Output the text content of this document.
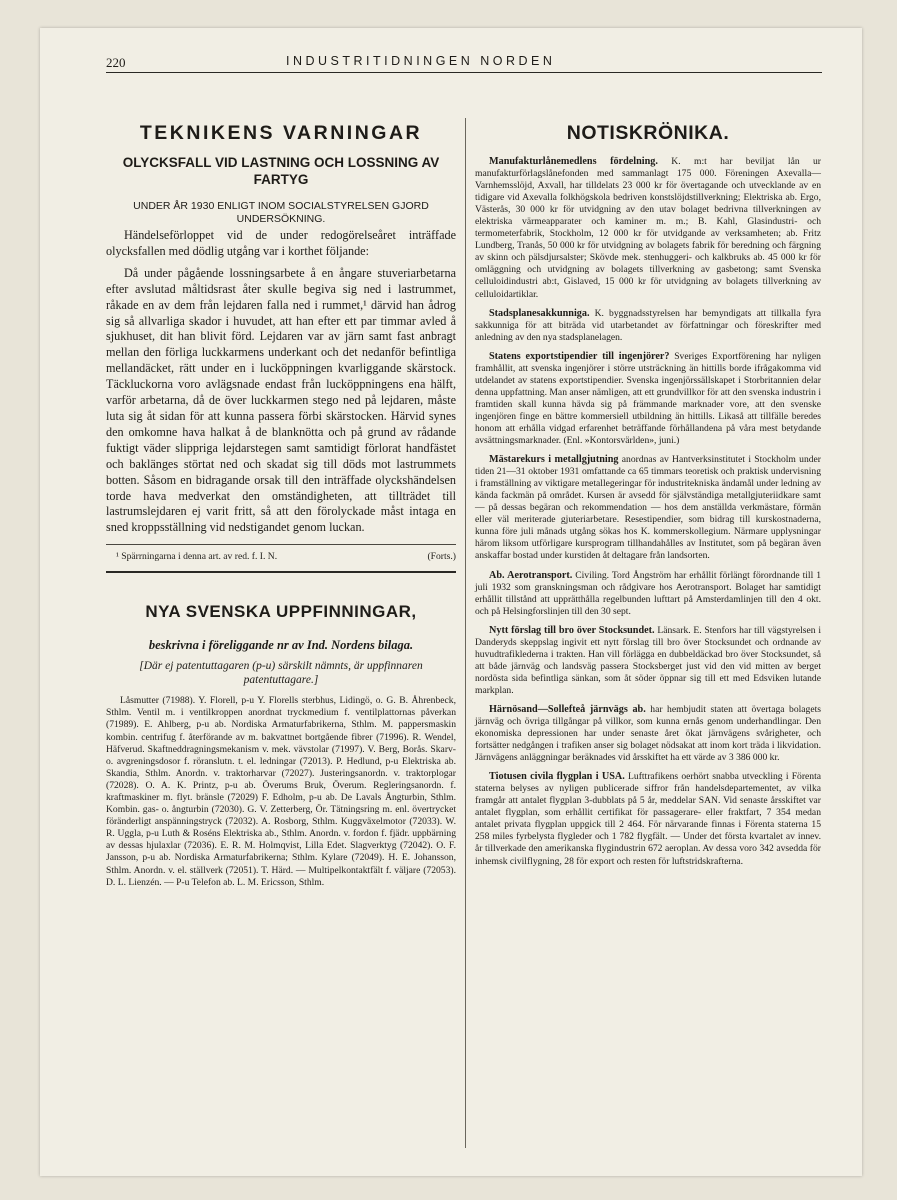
220	INDUSTRITIDNINGEN NORDEN
TEKNIKENS VARNINGAR
OLYCKSFALL VID LASTNING OCH LOSSNING AV FARTYG

UNDER ÅR 1930 ENLIGT INOM SOCIALSTYRELSEN GJORD UNDERSÖKNING.

Händelseförloppet vid de under redogörelseåret inträffade olycksfallen med dödlig utgång var i korthet följande:

Då under pågående lossningsarbete å en ångare stuveriarbetarna efter avslutad måltidsrast åter skulle begiva sig ned i lastrummet, råkade en av dem från lejdaren falla ned i rummet,¹ därvid han ådrog sig så allvarliga skador i huvudet, att han efter ett par timmar avled å sjukhuset, dit han blivit förd. Lejdaren var av järn samt fast anbragt mellan den förliga luckkarmens underkant och det nedanför befintliga mellandäcket, rätt under en i lucköppningen kvarliggande skärstock. Täckluckorna voro avlägsnade endast från lucköppningens ena hälft, varför arbetarna, då de över luckkarmen stego ned på lejdaren, måste luta sig åt sidan för att kunna passera förbi skärstocken. Härvid synes den omkomne hava halkat å de blanknötta och på grund av rådande fuktigt väder slippriga lejdarstegen samt samtidigt förlorat handfästet och baklänges störtat ned och skadat sig till döds mot lastrummets botten. Såsom en bidragande orsak till den inträffade olyckshändelsen torde hava medverkat den omständigheten, att tillträdet till lastrumslejdaren ej varit fritt, så att den förolyckade måst intaga en sned kroppsställning vid nedstigandet genom luckan.

¹ Spärrningarna i denna art. av red. f. I. N.	(Forts.)
NYA SVENSKA UPPFINNINGAR,

beskrivna i föreliggande nr av Ind. Nordens bilaga.

[Där ej patentuttagaren (p-u) särskilt nämnts, är uppfinnaren patentuttagare.]

Låsmutter (71988). Y. Florell, p-u Y. Florells sterbhus, Lidingö, o. G. B. Åhrenbeck, Sthlm. Ventil m. i ventilkroppen anordnat tryckmedium f. ventilplattornas påverkan (71989). E. Ahlberg, p-u ab. Nordiska Armaturfabrikerna, Sthlm. M. pappersmaskin kombin. centrifug f. återförande av m. bakvattnet bortgående fibrer (71996). R. Wendel, Häfverud. Skaftneddragningsmekanism v. mek. vävstolar (71997). V. Berg, Borås. Skarv- o. avgreningsdosor f. röranslutn. t. el. ledningar (72013). P. Hedlund, p-u Elektriska ab. Skandia, Sthlm. Anordn. v. traktorharvar (72027). Justeringsanordn. v. traktorplogar (72028). O. A. K. Printz, p-u ab. Överums Bruk, Överum. Regleringsanordn. f. kraftmaskiner m. flyt. bränsle (72029) F. Edholm, p-u ab. De Lavals Ångturbin, Sthlm. Kombin. gas- o. ångturbin (72030). G. V. Zetterberg, Ör. Tätningsring m. enl. övertrycket föränderligt anspänningstryck (72032). A. Rosborg, Sthlm. Kuggväxelmotor (72033). W. R. Uggla, p-u Luth & Roséns Elektriska ab., Sthlm. Anordn. v. fordon f. fjädr. uppbärning av dessas hjulaxlar (72036). E. R. M. Holmqvist, Lilla Edet. Slagverktyg (72042). O. F. Jansson, p-u ab. Nordiska Armaturfabrikerna; Sthlm. Kylare (72049). H. E. Johansson, Sthlm. Anordn. v. el. ställverk (72051). T. Härd. — Multipelkontaktfält f. väljare (72053). D. L. Lienzén. — P-u Telefon ab. L. M. Ericsson, Sthlm.

NOTISKRÖNIKA.

Manufakturlånemedlens fördelning. K. m:t har beviljat lån ur manufakturförlagslånefonden med sammanlagt 175 000. Föreningen Axevalla—Varnhemsslöjd, Axvall, har tilldelats 23 000 kr för övertagande och utvecklande av en tidigare vid Axevalla folkhögskola bedriven konstslöjdstillverkning; Elektriska ab. Ergo, Västerås, 30 000 kr för utvidgning av den utav bolaget bedrivna tillverkningen av elektriska värmeapparater och kaminer m. m.; B. Kahl, Glasindustri- och termometerfabrik, Stockholm, 12 000 kr för utvidgande av verksamheten; ab. Fritz Lundberg, Tranås, 50 000 kr för utvidgning av bolagets fabrik för beredning och färgning av skinn och pälsdjursalster; Skövde mek. stenhuggeri- och kalkbruks ab. 45 000 kr för omläggning och utvidgning av bolagets tillverkning av gasbetong; samt Svenska celluloidindustri ab:t, Gislaved, 15 000 kr för utvidgning av bolagets tillverkning av celluloidartiklar.

Stadsplanesakkunniga. K. byggnadsstyrelsen har bemyndigats att tillkalla fyra sakkunniga för att biträda vid utarbetandet av författningar och föreskrifter med anledning av den nya stadsplanelagen.

Statens exportstipendier till ingenjörer? Sveriges Exportförening har nyligen framhållit, att svenska ingenjörer i större utsträckning än hittills borde ifrågakomma vid utdelandet av statens exportstipendier. Svenska ingenjörssällskapet i Storbritannien delar denna uppfattning. Man anser nämligen, att ett grundvillkor för att den svenska industrin i framtiden skall kunna hävda sig på främmande marknader vore, att den svenske ingenjören finge en bättre kommersiell utbildning än hittills. Likaså att tillfälle beredes honom att erhålla vidgad erfarenhet beträffande förhållandena på våra mest betydande avsättningsmarknader. (Enl. »Kontorsvärlden», juni.)

Mästarekurs i metallgjutning anordnas av Hantverksinstitutet i Stockholm under tiden 21—31 oktober 1931 omfattande ca 65 timmars teoretisk och praktisk undervisning i framställning av viktigare metallegeringar för industritekniska ändamål under ledning av kända fackmän på området. Kursen är avsedd för självständiga metallgjuteriidkare samt — på dessas begäran och rekommendation — hos dem anställda verkmästare, förmän eller väl meriterade gjuteriarbetare. Resestipendier, som bidrag till kurskostnaderna, kunna före juli månads utgång sökas hos K. kommerskollegium. Närmare upplysningar härom liksom utförligare kursprogram tillhandahålles av Institutet, som på begäran även anskaffar bostad under kurstiden åt deltagare från landsorten.

Ab. Aerotransport. Civiling. Tord Ångström har erhållit förlängt förordnande till 1 juli 1932 som granskningsman och rådgivare hos Aerotransport. Bolaget har samtidigt erhållit tillstånd att upprätthålla regelbunden lufttart på Amsterdamlinjen till den 4 okt. och på Helsingforslinjen till den 30 sept.

Nytt förslag till bro över Stocksundet. Länsark. E. Stenfors har till vägstyrelsen i Danderyds skeppslag ingivit ett nytt förslag till bro över Stocksundet och ordnande av huvudtrafiklederna i trakten. Han vill förlägga en dubbeldäckad bro över Stocksundet, så att både järnväg och landsväg passera Stocksberget just vid den vid mitten av berget nordösta sida befintliga sänkan, som åt söder öppnar sig till ett med Edsviken lutande markplan.

Härnösand—Sollefteå järnvägs ab. har hembjudit staten att övertaga bolagets järnväg och övriga tillgångar på villkor, som kunna ernås genom underhandlingar. Den ekonomiska depressionen har under senaste året ökat järnvägens svårigheter, och fortsätter nedgången i trafiken anser sig bolaget nödsakat att inom kort träda i likvidation. Järnvägens anläggningar beräknades vid årsskiftet ha ett värde av 3 386 000 kr.

Tiotusen civila flygplan i USA. Lufttrafikens oerhört snabba utveckling i Förenta staterna belyses av nyligen publicerade siffror från handelsdepartementet, av vilka framgår att antalet flygplan 3-dubblats på 5 år, meddelar SAN. Vid senaste årsskiftet var antalet flygplan, som erhållit certifikat för passagerare- eller fraktfart, 7 354 medan antalet privata flygplan uppgick till 2 464. För närvarande finnas i Förenta staterna 15 258 miles fyrbelysta flygleder och 1 782 flygfält. — Under det första kvartalet av innev. år tillverkade den amerikanska flygindustrin 672 aeroplan. Av dessa voro 342 avsedda för inhemsk civilflygning, 28 för export och resten för luftstridskrafterna.
